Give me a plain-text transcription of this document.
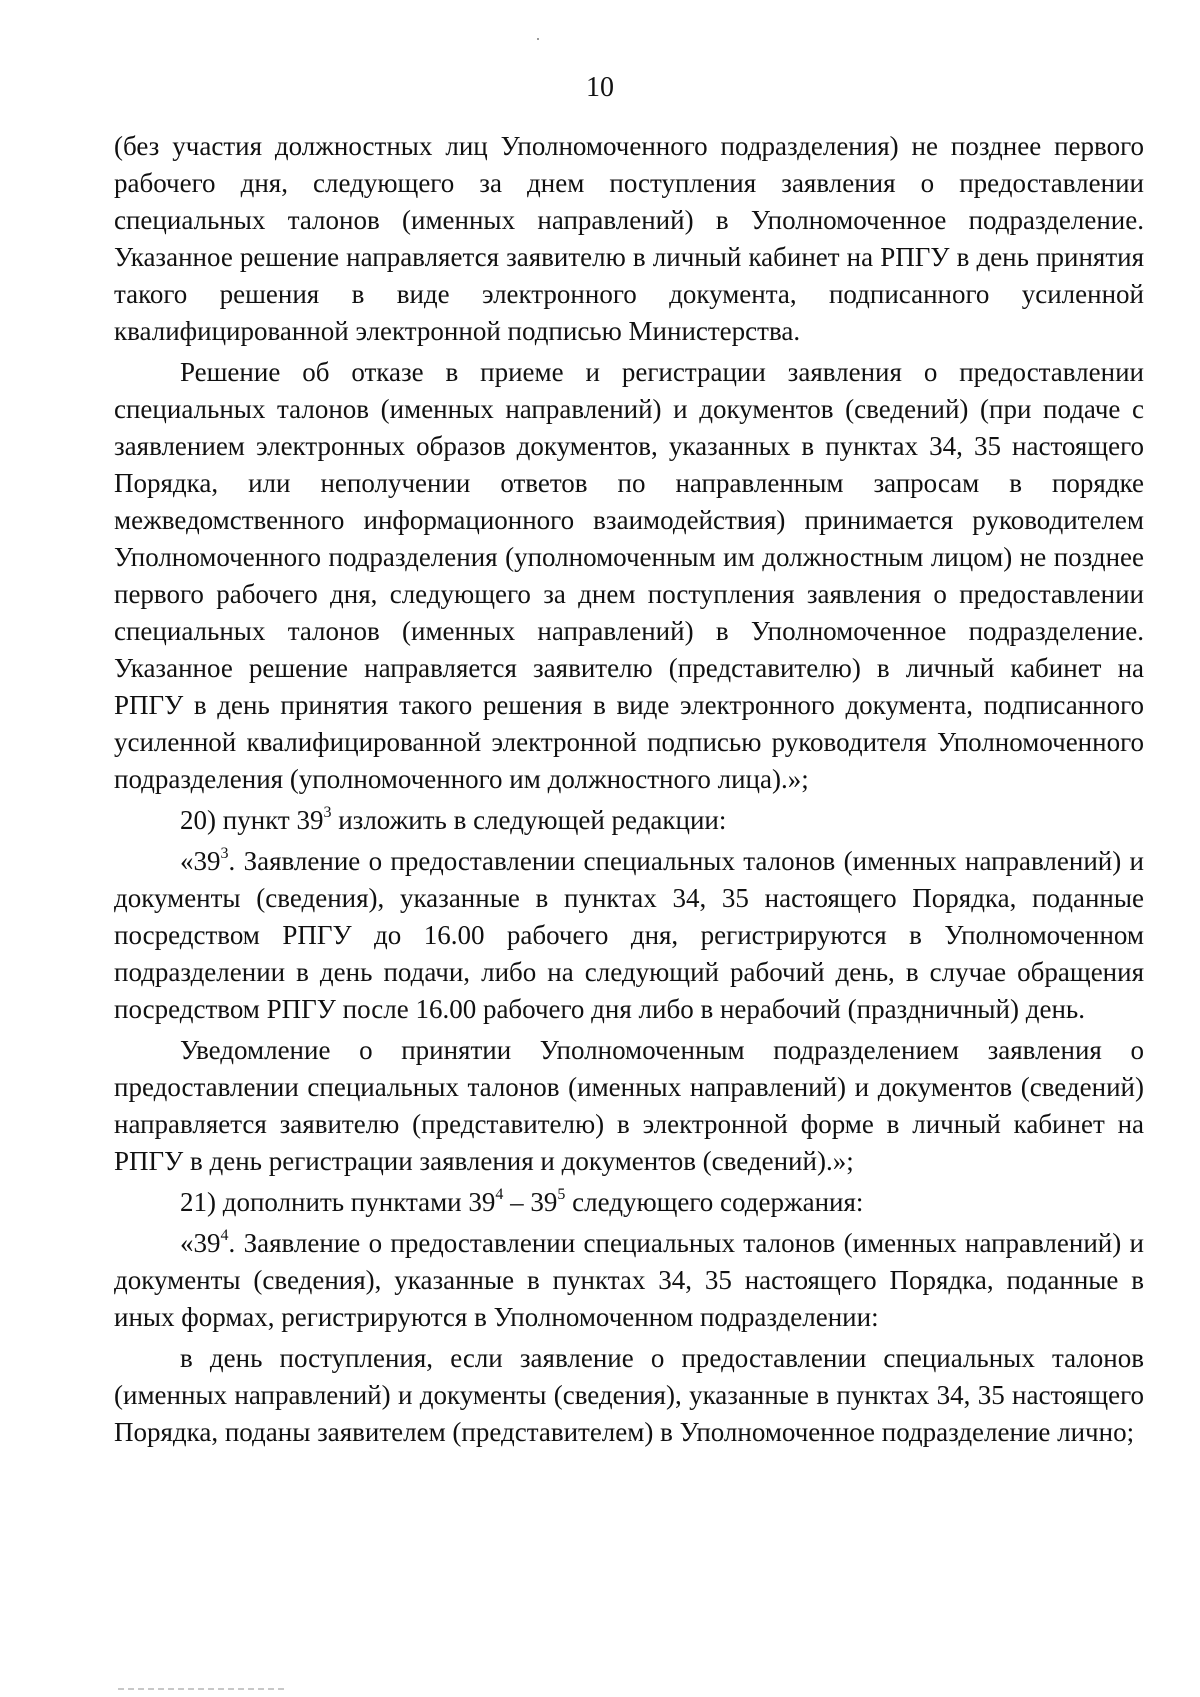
10

(без участия должностных лиц Уполномоченного подразделения) не позднее первого рабочего дня, следующего за днем поступления заявления о предоставлении специальных талонов (именных направлений) в Уполномоченное подразделение. Указанное решение направляется заявителю в личный кабинет на РПГУ в день принятия такого решения в виде электронного документа, подписанного усиленной квалифицированной электронной подписью Министерства.

Решение об отказе в приеме и регистрации заявления о предоставлении специальных талонов (именных направлений) и документов (сведений) (при подаче с заявлением электронных образов документов, указанных в пунктах 34, 35 настоящего Порядка, или неполучении ответов по направленным запросам в порядке межведомственного информационного взаимодействия) принимается руководителем Уполномоченного подразделения (уполномоченным им должностным лицом) не позднее первого рабочего дня, следующего за днем поступления заявления о предоставлении специальных талонов (именных направлений) в Уполномоченное подразделение. Указанное решение направляется заявителю (представителю) в личный кабинет на РПГУ в день принятия такого решения в виде электронного документа, подписанного усиленной квалифицированной электронной подписью руководителя Уполномоченного подразделения (уполномоченного им должностного лица).»;

20) пункт $39^3$ изложить в следующей редакции:

«$39^3$. Заявление о предоставлении специальных талонов (именных направлений) и документы (сведения), указанные в пунктах 34, 35 настоящего Порядка, поданные посредством РПГУ до 16.00 рабочего дня, регистрируются в Уполномоченном подразделении в день подачи, либо на следующий рабочий день, в случае обращения посредством РПГУ после 16.00 рабочего дня либо в нерабочий (праздничный) день.

Уведомление о принятии Уполномоченным подразделением заявления о предоставлении специальных талонов (именных направлений) и документов (сведений) направляется заявителю (представителю) в электронной форме в личный кабинет на РПГУ в день регистрации заявления и документов (сведений).»;

21) дополнить пунктами $39^4 - 39^5$ следующего содержания:

«$39^4$. Заявление о предоставлении специальных талонов (именных направлений) и документы (сведения), указанные в пунктах 34, 35 настоящего Порядка, поданные в иных формах, регистрируются в Уполномоченном подразделении:

в день поступления, если заявление о предоставлении специальных талонов (именных направлений) и документы (сведения), указанные в пунктах 34, 35 настоящего Порядка, поданы заявителем (представителем) в Уполномоченное подразделение лично;
